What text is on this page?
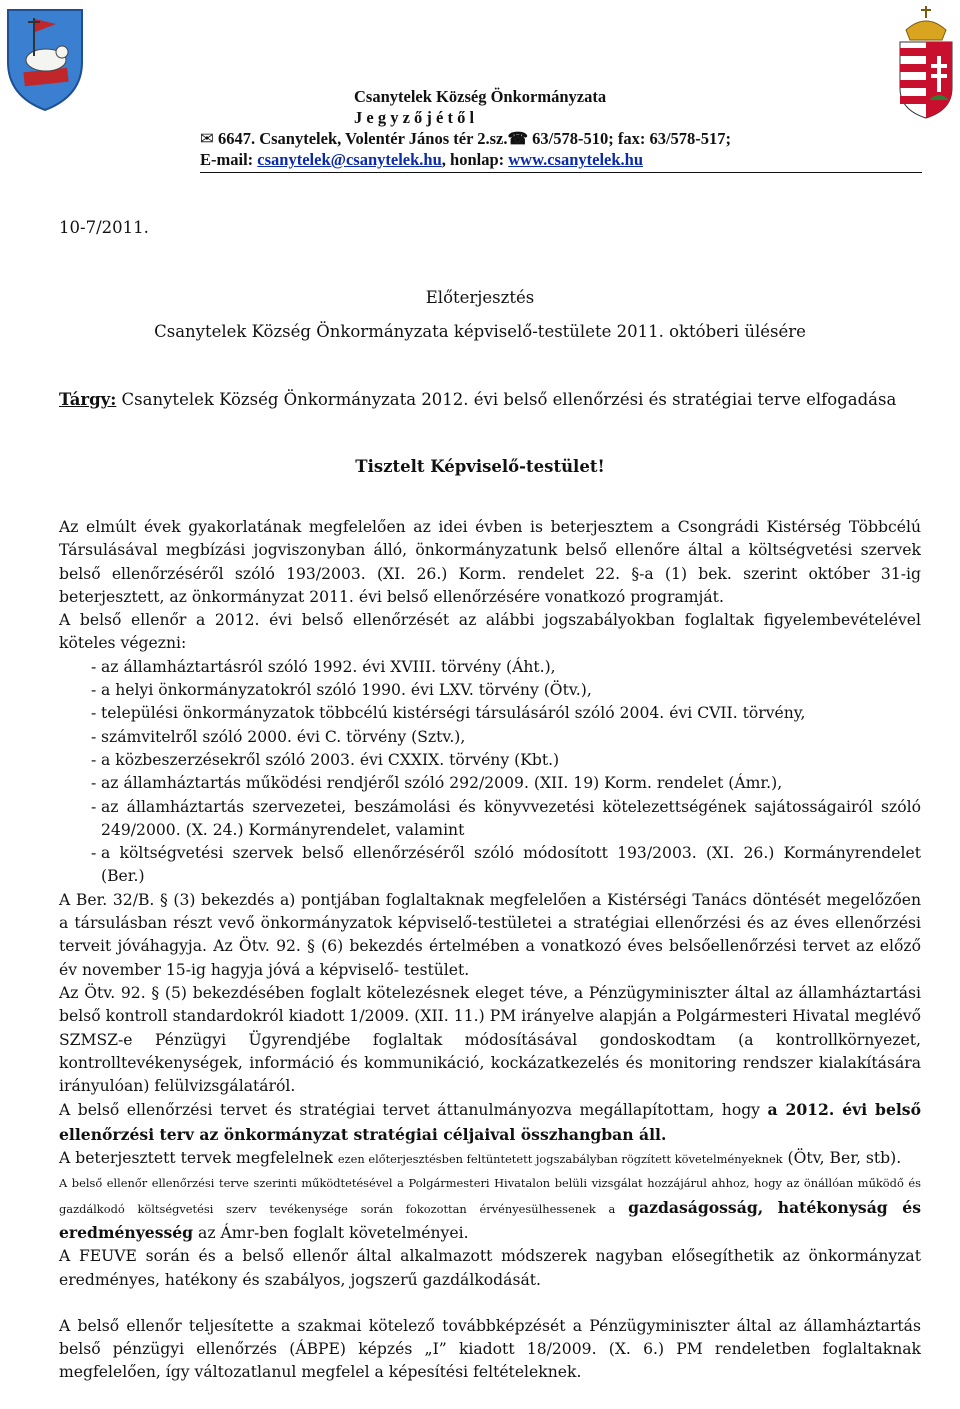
Csanytelek Község Önkormányzata
J e g y z ő j é t ő l
✉ 6647. Csanytelek, Volentér János tér 2.sz.☎ 63/578-510; fax: 63/578-517;
E-mail: csanytelek@csanytelek.hu, honlap: www.csanytelek.hu
10-7/2011.
Előterjesztés
Csanytelek Község Önkormányzata képviselő-testülete 2011. októberi ülésére
Tárgy: Csanytelek Község Önkormányzata 2012. évi belső ellenőrzési és stratégiai terve elfogadása
Tisztelt Képviselő-testület!

Az elmúlt évek gyakorlatának megfelelően az idei évben is beterjesztem a Csongrádi Kistérség Többcélú Társulásával megbízási jogviszonyban álló, önkormányzatunk belső ellenőre által a költségvetési szervek belső ellenőrzéséről szóló 193/2003. (XI. 26.) Korm. rendelet 22. §-a (1) bek. szerint október 31-ig beterjesztett, az önkormányzat 2011. évi belső ellenőrzésére vonatkozó programját.

A belső ellenőr a 2012. évi belső ellenőrzését az alábbi jogszabályokban foglaltak figyelembevételével köteles végezni:

- az államháztartásról szóló 1992. évi XVIII. törvény (Áht.),
- a helyi önkormányzatokról szóló 1990. évi LXV. törvény (Ötv.),
- települési önkormányzatok többcélú kistérségi társulásáról szóló 2004. évi CVII. törvény,
- számvitelről szóló 2000. évi C. törvény (Sztv.),
- a közbeszerzésekről szóló 2003. évi CXXIX. törvény (Kbt.)
- az államháztartás működési rendjéről szóló 292/2009. (XII. 19) Korm. rendelet (Ámr.),
- az államháztartás szervezetei, beszámolási és könyvvezetési kötelezettségének sajátosságairól szóló 249/2000. (X. 24.) Kormányrendelet, valamint
- a költségvetési szervek belső ellenőrzéséről szóló módosított 193/2003. (XI. 26.) Kormányrendelet (Ber.)

A Ber. 32/B. § (3) bekezdés a) pontjában foglaltaknak megfelelően a Kistérségi Tanács döntését megelőzően a társulásban részt vevő önkormányzatok képviselő-testületei a stratégiai ellenőrzési és az éves ellenőrzési terveit jóváhagyja. Az Ötv. 92. § (6) bekezdés értelmében a vonatkozó éves belsőellenőrzési tervet az előző év november 15-ig hagyja jóvá a képviselő- testület.

Az Ötv. 92. § (5) bekezdésében foglalt kötelezésnek eleget téve, a Pénzügyminiszter által az államháztartási belső kontroll standardokról kiadott 1/2009. (XII. 11.) PM irányelve alapján a Polgármesteri Hivatal meglévő SZMSZ-e Pénzügyi Ügyrendjébe foglaltak módosításával gondoskodtam (a kontrollkörnyezet, kontrolltevékenységek, információ és kommunikáció, kockázatkezelés és monitoring rendszer kialakítására irányulóan) felülvizsgálatáról.

A belső ellenőrzési tervet és stratégiai tervet áttanulmányozva megállapítottam, hogy a 2012. évi belső ellenőrzési terv az önkormányzat stratégiai céljaival összhangban áll.

A beterjesztett tervek megfelelnek ezen előterjesztésben feltüntetett jogszabályban rögzített követelményeknek (Ötv, Ber, stb).

A belső ellenőr ellenőrzési terve szerinti működtetésével a Polgármesteri Hivatalon belüli vizsgálat hozzájárul ahhoz, hogy az önállóan működő és gazdálkodó költségvetési szerv tevékenysége során fokozottan érvényesülhessenek a gazdaságosság, hatékonyság és eredményesség az Ámr-ben foglalt követelményei.

A FEUVE során és a belső ellenőr által alkalmazott módszerek nagyban elősegíthetik az önkormányzat eredményes, hatékony és szabályos, jogszerű gazdálkodását.

A belső ellenőr teljesítette a szakmai kötelező továbbképzését a Pénzügyminiszter által az államháztartás belső pénzügyi ellenőrzés (ÁBPE) képzés „I” kiadott 18/2009. (X. 6.) PM rendeletben foglaltaknak megfelelően, így változatlanul megfelel a képesítési feltételeknek.
